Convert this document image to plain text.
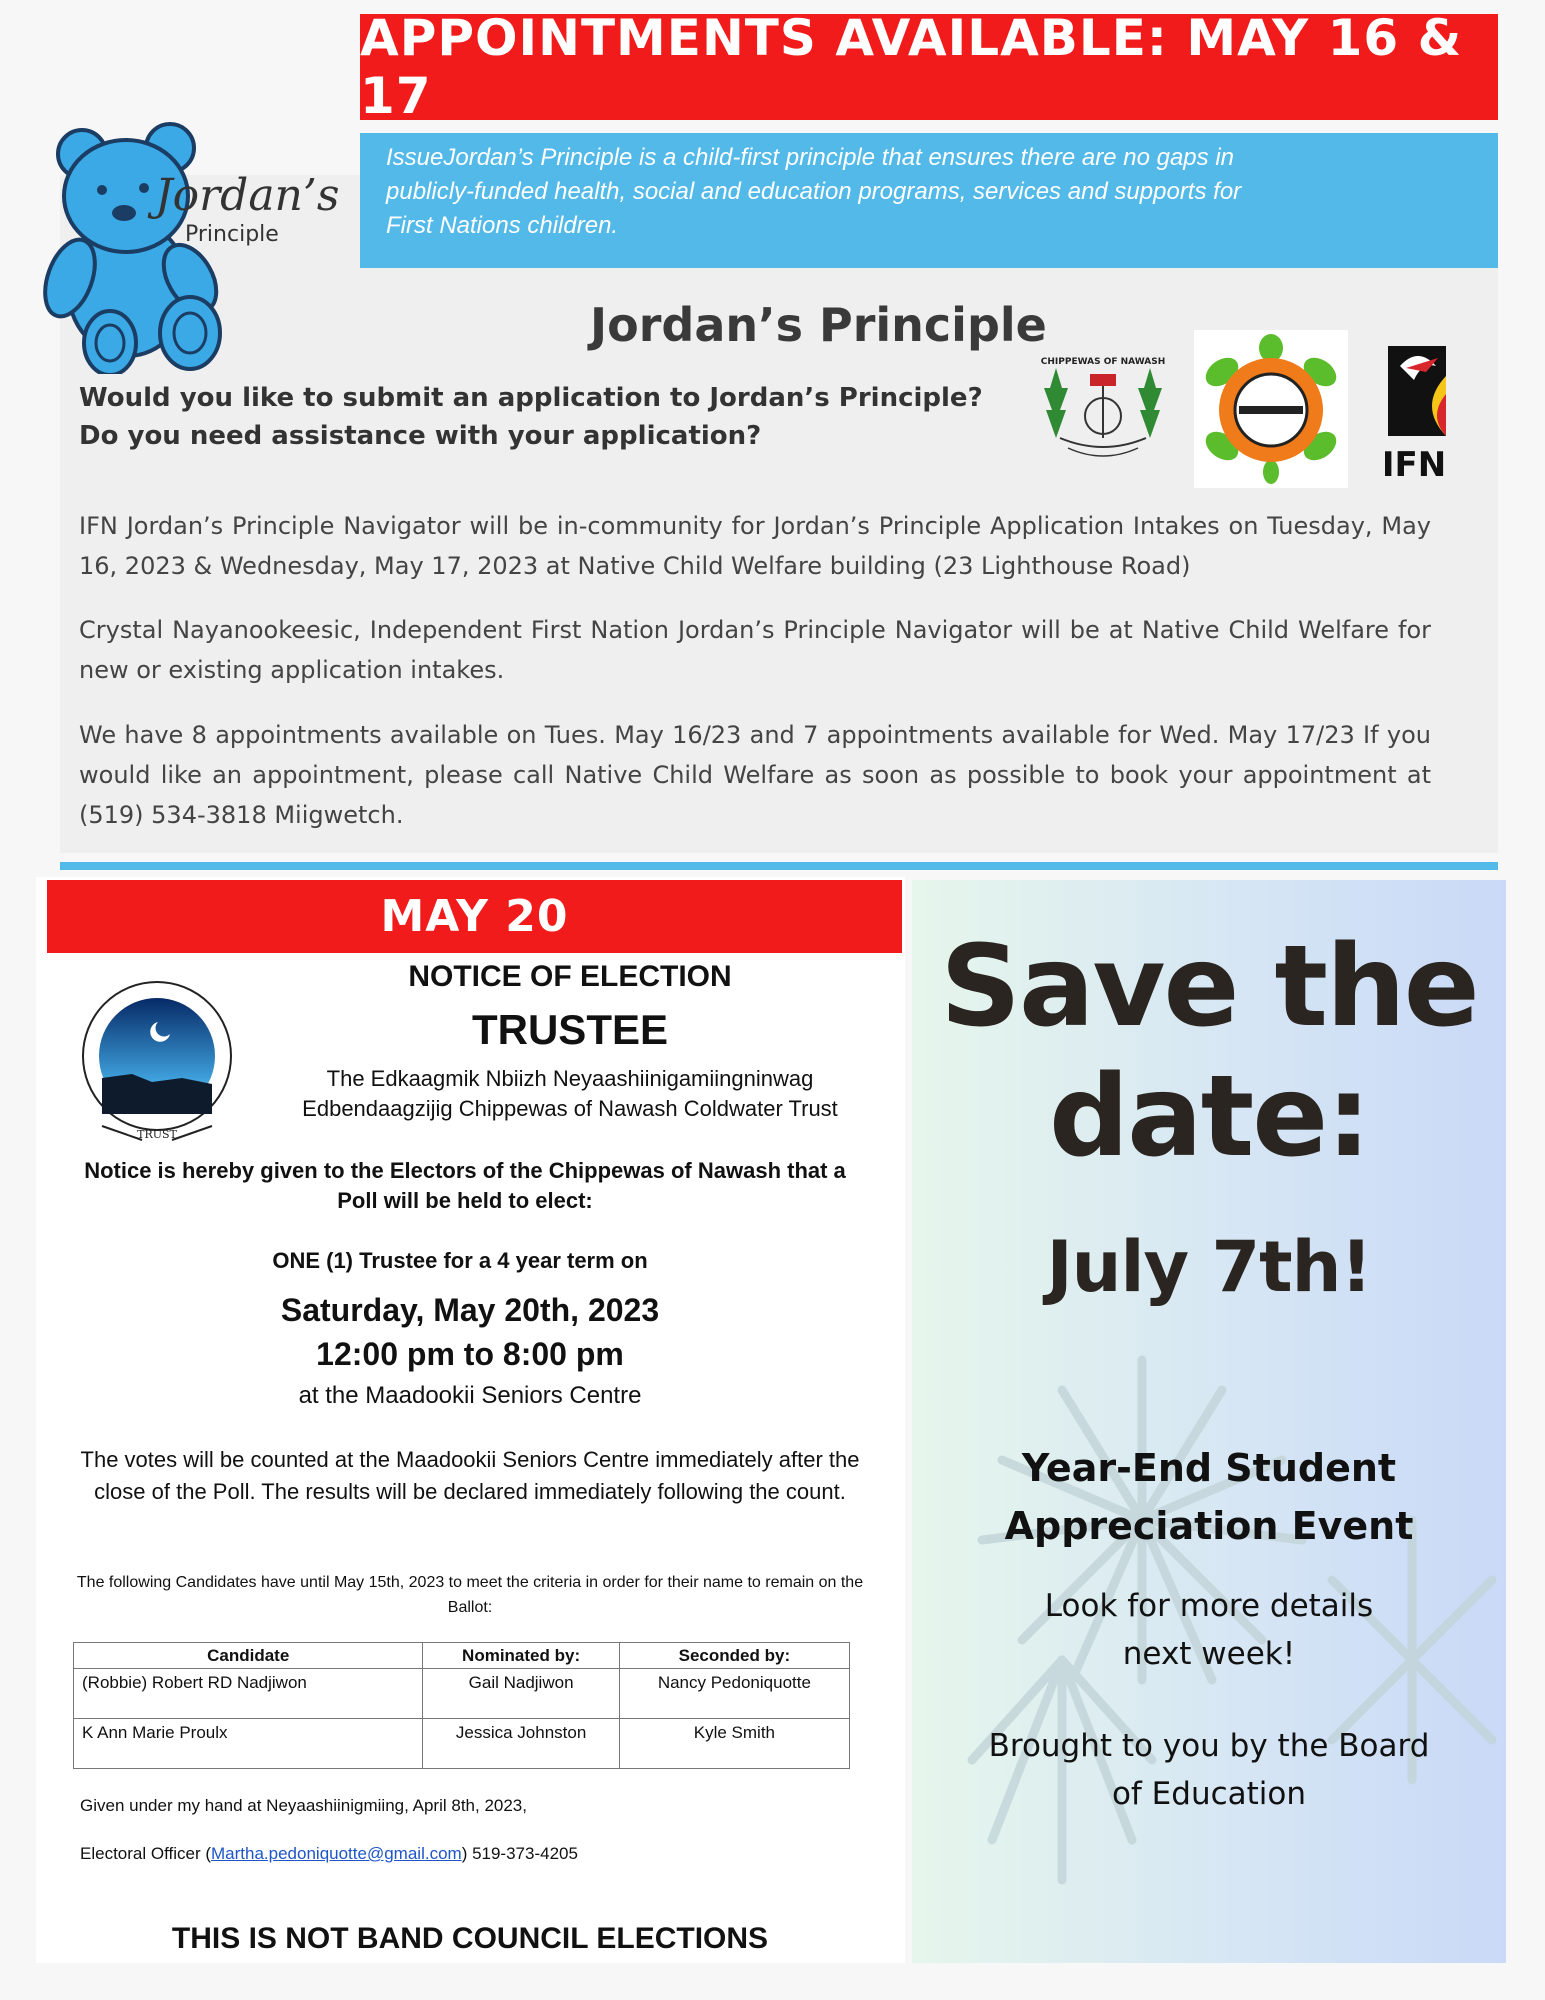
APPOINTMENTS AVAILABLE: MAY 16 & 17
IssueJordan’s Principle is a child-first principle that ensures there are no gaps in
publicly-funded health, social and education programs, services and supports for
First Nations children.
Jordan’s
Principle
Jordan’s Principle
Would you like to submit an application to Jordan’s Principle?
Do you need assistance with your application?
CHIPPEWAS OF NAWASH
IFN
IFN Jordan’s Principle Navigator will be in-community for Jordan’s Principle Application Intakes on Tuesday, May 16, 2023 & Wednesday, May 17, 2023 at Native Child Welfare building (23 Lighthouse Road)
Crystal Nayanookeesic, Independent First Nation Jordan’s Principle Navigator will be at Native Child Welfare for new or existing application intakes.
We have 8 appointments available on Tues. May 16/23 and 7 appointments available for Wed. May 17/23 If you would like an appointment, please call Native Child Welfare as soon as possible to book your appointment at (519) 534-3818 Miigwetch.
MAY 20
TRUST
NOTICE OF ELECTION
TRUSTEE
The Edkaagmik Nbiizh Neyaashiinigamiingninwag
Edbendaagzijig Chippewas of Nawash Coldwater Trust
Notice is hereby given to the Electors of the Chippewas of Nawash that a Poll will be held to elect:
ONE (1) Trustee for a 4 year term on
Saturday, May 20th, 2023
12:00 pm to 8:00 pm
at the Maadookii Seniors Centre
The votes will be counted at the Maadookii Seniors Centre immediately after the close of the Poll. The results will be declared immediately following the count.
The following Candidates have until May 15th, 2023 to meet the criteria in order for their name to remain on the Ballot:
Candidate	Nominated by:	Seconded by:
(Robbie) Robert RD Nadjiwon	Gail Nadjiwon	Nancy Pedoniquotte
K Ann Marie Proulx	Jessica Johnston	Kyle Smith
Given under my hand at Neyaashiinigmiing, April 8th, 2023,
Electoral Officer (Martha.pedoniquotte@gmail.com) 519-373-4205
THIS IS NOT BAND COUNCIL ELECTIONS
Save the
date:
July 7th!
Year-End Student
Appreciation Event
Look for more details
next week!
Brought to you by the Board
of Education
